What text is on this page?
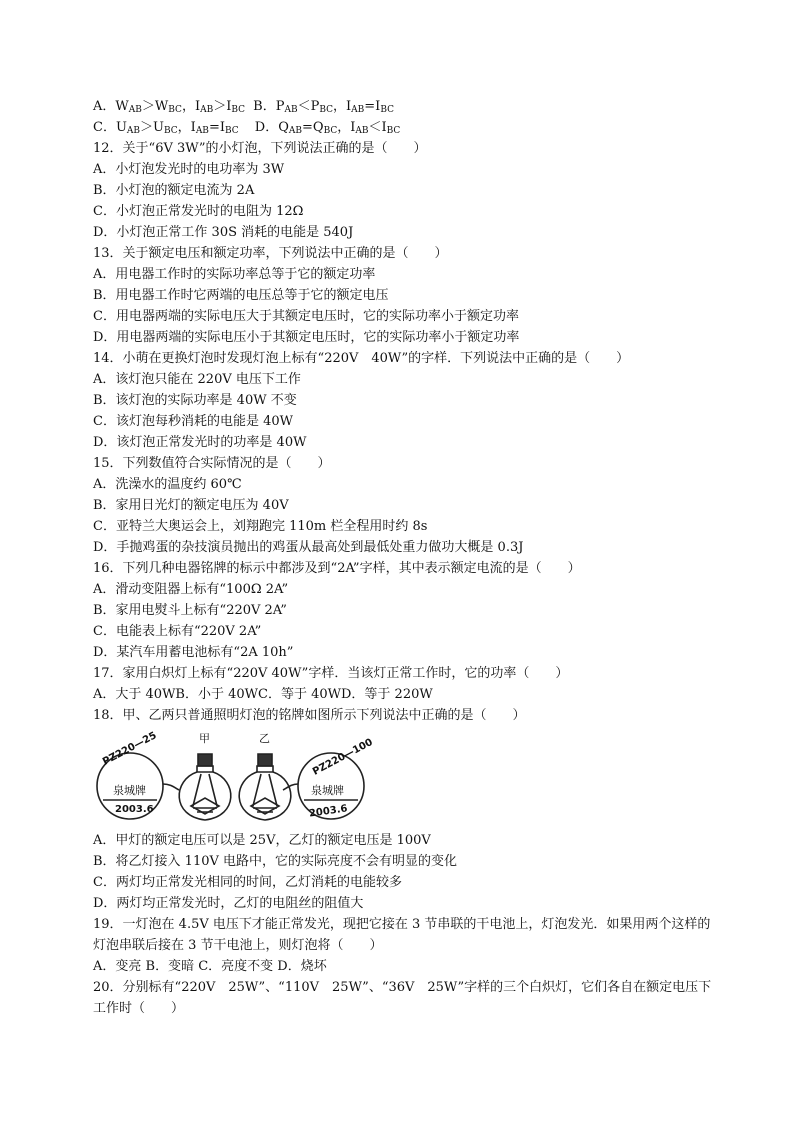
A．$W_{AB}>W_{BC}$，$I_{AB}>I_{BC}$ B．$P_{AB}<P_{BC}$，$I_{AB}=I_{BC}$
C．$U_{AB}>U_{BC}$，$I_{AB}=I_{BC}$ D．$Q_{AB}=Q_{BC}$，$I_{AB}<I_{BC}$
12．关于“6V 3W”的小灯泡，下列说法正确的是（　　）
A．小灯泡发光时的电功率为 3W
B．小灯泡的额定电流为 2A
C．小灯泡正常发光时的电阻为 12Ω
D．小灯泡正常工作 30S 消耗的电能是 540J
13．关于额定电压和额定功率，下列说法中正确的是（　　）
A．用电器工作时的实际功率总等于它的额定功率
B．用电器工作时它两端的电压总等于它的额定电压
C．用电器两端的实际电压大于其额定电压时，它的实际功率小于额定功率
D．用电器两端的实际电压小于其额定电压时，它的实际功率小于额定功率
14．小萌在更换灯泡时发现灯泡上标有“220V　40W”的字样．下列说法中正确的是（　　）
A．该灯泡只能在 220V 电压下工作
B．该灯泡的实际功率是 40W 不变
C．该灯泡每秒消耗的电能是 40W
D．该灯泡正常发光时的功率是 40W
15．下列数值符合实际情况的是（　　）
A．洗澡水的温度约 60℃
B．家用日光灯的额定电压为 40V
C．亚特兰大奥运会上，刘翔跑完 110m 栏全程用时约 8s
D．手抛鸡蛋的杂技演员抛出的鸡蛋从最高处到最低处重力做功大概是 0.3J
16．下列几种电器铭牌的标示中都涉及到“2A”字样，其中表示额定电流的是（　　）
A．滑动变阻器上标有“100Ω 2A”
B．家用电熨斗上标有“220V 2A”
C．电能表上标有“220V 2A”
D．某汽车用蓄电池标有“2A 10h”
17．家用白炽灯上标有“220V 40W”字样．当该灯正常工作时，它的功率（　　）
A．大于 40WB．小于 40WC．等于 40WD．等于 220W
18．甲、乙两只普通照明灯泡的铭牌如图所示下列说法中正确的是（　　）
甲	乙
PZ220—25
泉城牌
2003.6
PZ220—100
泉城牌
2003.6
A．甲灯的额定电压可以是 25V，乙灯的额定电压是 100V
B．将乙灯接入 110V 电路中，它的实际亮度不会有明显的变化
C．两灯均正常发光相同的时间，乙灯消耗的电能较多
D．两灯均正常发光时，乙灯的电阻丝的阻值大
19．一灯泡在 4.5V 电压下才能正常发光，现把它接在 3 节串联的干电池上，灯泡发光．如果用两个这样的灯泡串联后接在 3 节干电池上，则灯泡将（　　）
A．变亮 B．变暗 C．亮度不变 D．烧坏
20．分别标有“220V　25W”、“110V　25W”、“36V　25W”字样的三个白炽灯，它们各自在额定电压下工作时（　　）
